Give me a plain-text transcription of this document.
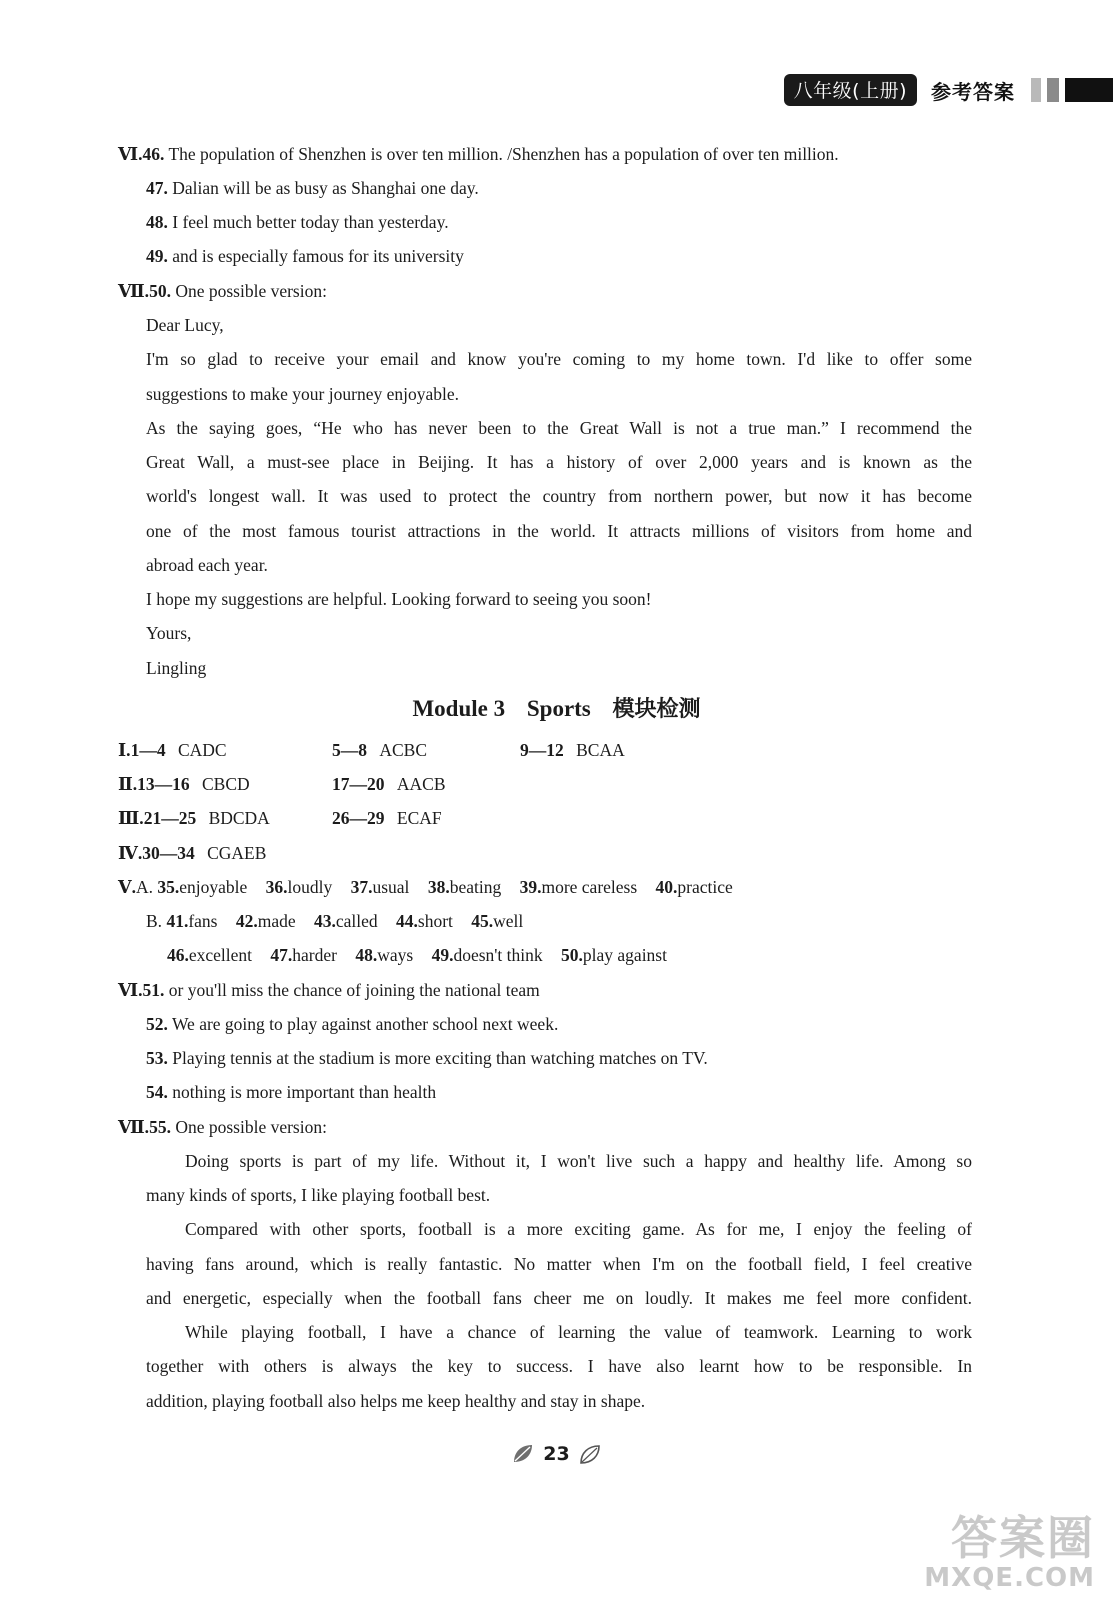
八年级(上册)	参考答案
Ⅵ.46. The population of Shenzhen is over ten million. /Shenzhen has a population of over ten million.
47. Dalian will be as busy as Shanghai one day.
48. I feel much better today than yesterday.
49. and is especially famous for its university
Ⅶ.50. One possible version:
Dear Lucy,
I'm so glad to receive your email and know you're coming to my home town. I'd like to offer some
suggestions to make your journey enjoyable.
As the saying goes, “He who has never been to the Great Wall is not a true man.” I recommend the
Great Wall, a must-see place in Beijing. It has a history of over 2,000 years and is known as the
world's longest wall. It was used to protect the country from northern power, but now it has become
one of the most famous tourist attractions in the world. It attracts millions of visitors from home and
abroad each year.
I hope my suggestions are helpful. Looking forward to seeing you soon!
Yours,
Lingling
Module 3 Sports 模块检测
Ⅰ.1—4 CADC	5—8 ACBC	9—12 BCAA
Ⅱ.13—16 CBCD	17—20 AACB
Ⅲ.21—25 BDCDA	26—29 ECAF
Ⅳ.30—34 CGAEB
Ⅴ.A. 35.enjoyable 36.loudly 37.usual 38.beating 39.more careless 40.practice
B. 41.fans 42.made 43.called 44.short 45.well
46.excellent 47.harder 48.ways 49.doesn't think 50.play against
Ⅵ.51. or you'll miss the chance of joining the national team
52. We are going to play against another school next week.
53. Playing tennis at the stadium is more exciting than watching matches on TV.
54. nothing is more important than health
Ⅶ.55. One possible version:
Doing sports is part of my life. Without it, I won't live such a happy and healthy life. Among so
many kinds of sports, I like playing football best.
Compared with other sports, football is a more exciting game. As for me, I enjoy the feeling of
having fans around, which is really fantastic. No matter when I'm on the football field, I feel creative
and energetic, especially when the football fans cheer me on loudly. It makes me feel more confident.
While playing football, I have a chance of learning the value of teamwork. Learning to work
together with others is always the key to success. I have also learnt how to be responsible. In
addition, playing football also helps me keep healthy and stay in shape.
23
答案圈
MXQE.COM
